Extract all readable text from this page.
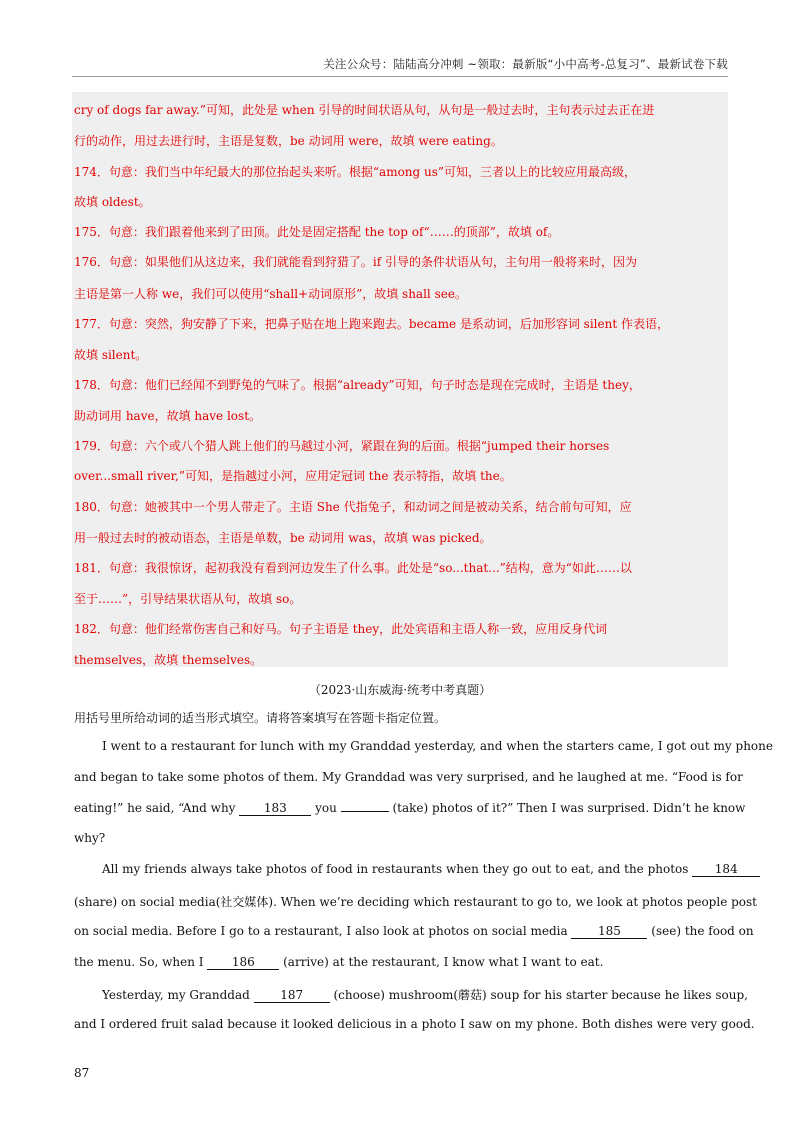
关注公众号：陆陆高分冲刺 ~领取：最新版“小中高考-总复习”、最新试卷下载
cry of dogs far away.”可知，此处是 when 引导的时间状语从句，从句是一般过去时，主句表示过去正在进
行的动作，用过去进行时，主语是复数，be 动词用 were，故填 were eating。
174．句意：我们当中年纪最大的那位抬起头来听。根据“among us”可知，三者以上的比较应用最高级，
故填 oldest。
175．句意：我们跟着他来到了田顶。此处是固定搭配 the top of“……的顶部”，故填 of。
176．句意：如果他们从这边来，我们就能看到狩猎了。if 引导的条件状语从句，主句用一般将来时，因为
主语是第一人称 we，我们可以使用“shall+动词原形”，故填 shall see。
177．句意：突然，狗安静了下来，把鼻子贴在地上跑来跑去。became 是系动词，后加形容词 silent 作表语，
故填 silent。
178．句意：他们已经闻不到野兔的气味了。根据“already”可知，句子时态是现在完成时，主语是 they，
助动词用 have，故填 have lost。
179．句意：六个或八个猎人跳上他们的马越过小河，紧跟在狗的后面。根据“jumped their horses
over...small river,”可知，是指越过小河，应用定冠词 the 表示特指，故填 the。
180．句意：她被其中一个男人带走了。主语 She 代指兔子，和动词之间是被动关系，结合前句可知，应
用一般过去时的被动语态，主语是单数，be 动词用 was，故填 was picked。
181．句意：我很惊讶，起初我没有看到河边发生了什么事。此处是“so...that...”结构，意为“如此……以
至于……”，引导结果状语从句，故填 so。
182．句意：他们经常伤害自己和好马。句子主语是 they，此处宾语和主语人称一致，应用反身代词
themselves，故填 themselves。
（2023·山东威海·统考中考真题）
用括号里所给动词的适当形式填空。请将答案填写在答题卡指定位置。
I went to a restaurant for lunch with my Granddad yesterday, and when the starters came, I got out my phone
and began to take some photos of them. My Granddad was very surprised, and he laughed at me. “Food is for
eating!” he said, “And why 183 you	(take) photos of it?” Then I was surprised. Didn’t he know
why?
All my friends always take photos of food in restaurants when they go out to eat, and the photos 184
(share) on social media(社交媒体). When we’re deciding which restaurant to go to, we look at photos people post
on social media. Before I go to a restaurant, I also look at photos on social media 185 (see) the food on
the menu. So, when I 186 (arrive) at the restaurant, I know what I want to eat.
Yesterday, my Granddad 187 (choose) mushroom(蘑菇) soup for his starter because he likes soup,
and I ordered fruit salad because it looked delicious in a photo I saw on my phone. Both dishes were very good.
87
